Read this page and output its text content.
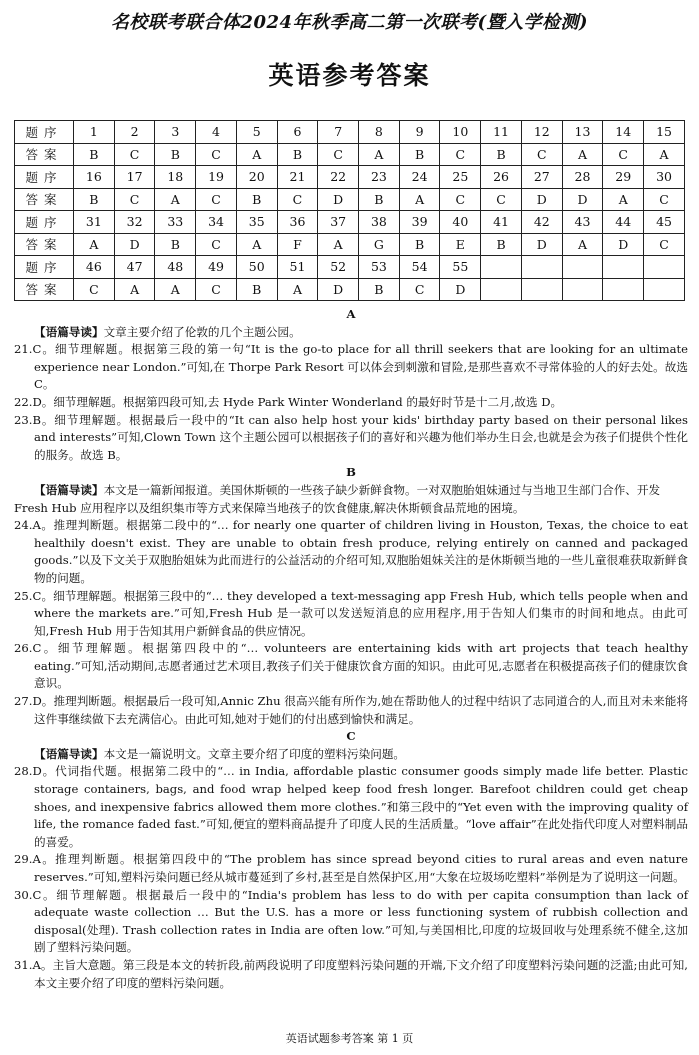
名校联考联合体2024年秋季高二第一次联考(暨入学检测)
英语参考答案
题序	1	2	3	4	5	6	7	8	9	10	11	12	13	14	15
答案	B	C	B	C	A	B	C	A	B	C	B	C	A	C	A
题序	16	17	18	19	20	21	22	23	24	25	26	27	28	29	30
答案	B	C	A	C	B	C	D	B	A	C	C	D	D	A	C
题序	31	32	33	34	35	36	37	38	39	40	41	42	43	44	45
答案	A	D	B	C	A	F	A	G	B	E	B	D	A	D	C
题序	46	47	48	49	50	51	52	53	54	55					
答案	C	A	A	C	B	A	D	B	C	D					
A

【语篇导读】文章主要介绍了伦敦的几个主题公园。

21.C。细节理解题。根据第三段的第一句“It is the go-to place for all thrill seekers that are looking for an ultimate experience near London.”可知,在 Thorpe Park Resort 可以体会到刺激和冒险,是那些喜欢不寻常体验的人的好去处。故选 C。

22.D。细节理解题。根据第四段可知,去 Hyde Park Winter Wonderland 的最好时节是十二月,故选 D。

23.B。细节理解题。根据最后一段中的“It can also help host your kids' birthday party based on their personal likes and interests”可知,Clown Town 这个主题公园可以根据孩子们的喜好和兴趣为他们举办生日会,也就是会为孩子们提供个性化的服务。故选 B。

B

【语篇导读】本文是一篇新闻报道。美国休斯顿的一些孩子缺少新鲜食物。一对双胞胎姐妹通过与当地卫生部门合作、开发 Fresh Hub 应用程序以及组织集市等方式来保障当地孩子的饮食健康,解决休斯顿食品荒地的困境。

24.A。推理判断题。根据第二段中的“… for nearly one quarter of children living in Houston, Texas, the choice to eat healthily doesn't exist. They are unable to obtain fresh produce, relying entirely on canned and packaged goods.”以及下文关于双胞胎姐妹为此而进行的公益活动的介绍可知,双胞胎姐妹关注的是休斯顿当地的一些儿童很难获取新鲜食物的问题。

25.C。细节理解题。根据第三段中的“… they developed a text-messaging app Fresh Hub, which tells people when and where the markets are.”可知,Fresh Hub 是一款可以发送短消息的应用程序,用于告知人们集市的时间和地点。由此可知,Fresh Hub 用于告知其用户新鲜食品的供应情况。

26.C。细节理解题。根据第四段中的“… volunteers are entertaining kids with art projects that teach healthy eating.”可知,活动期间,志愿者通过艺术项目,教孩子们关于健康饮食方面的知识。由此可见,志愿者在积极提高孩子们的健康饮食意识。

27.D。推理判断题。根据最后一段可知,Annic Zhu 很高兴能有所作为,她在帮助他人的过程中结识了志同道合的人,而且对未来能将这件事继续做下去充满信心。由此可知,她对于她们的付出感到愉快和满足。

C

【语篇导读】本文是一篇说明文。文章主要介绍了印度的塑料污染问题。

28.D。代词指代题。根据第二段中的“… in India, affordable plastic consumer goods simply made life better. Plastic storage containers, bags, and food wrap helped keep food fresh longer. Barefoot children could get cheap shoes, and inexpensive fabrics allowed them more clothes.”和第三段中的“Yet even with the improving quality of life, the romance faded fast.”可知,便宜的塑料商品提升了印度人民的生活质量。“love affair”在此处指代印度人对塑料制品的喜爱。

29.A。推理判断题。根据第四段中的“The problem has since spread beyond cities to rural areas and even nature reserves.”可知,塑料污染问题已经从城市蔓延到了乡村,甚至是自然保护区,用“大象在垃圾场吃塑料”举例是为了说明这一问题。

30.C。细节理解题。根据最后一段中的“India's problem has less to do with per capita consumption than lack of adequate waste collection … But the U.S. has a more or less functioning system of rubbish collection and disposal(处理). Trash collection rates in India are often low.”可知,与美国相比,印度的垃圾回收与处理系统不健全,这加剧了塑料污染问题。

31.A。主旨大意题。第三段是本文的转折段,前两段说明了印度塑料污染问题的开端,下文介绍了印度塑料污染问题的泛滥;由此可知,本文主要介绍了印度的塑料污染问题。

英语试题参考答案 第 1 页
